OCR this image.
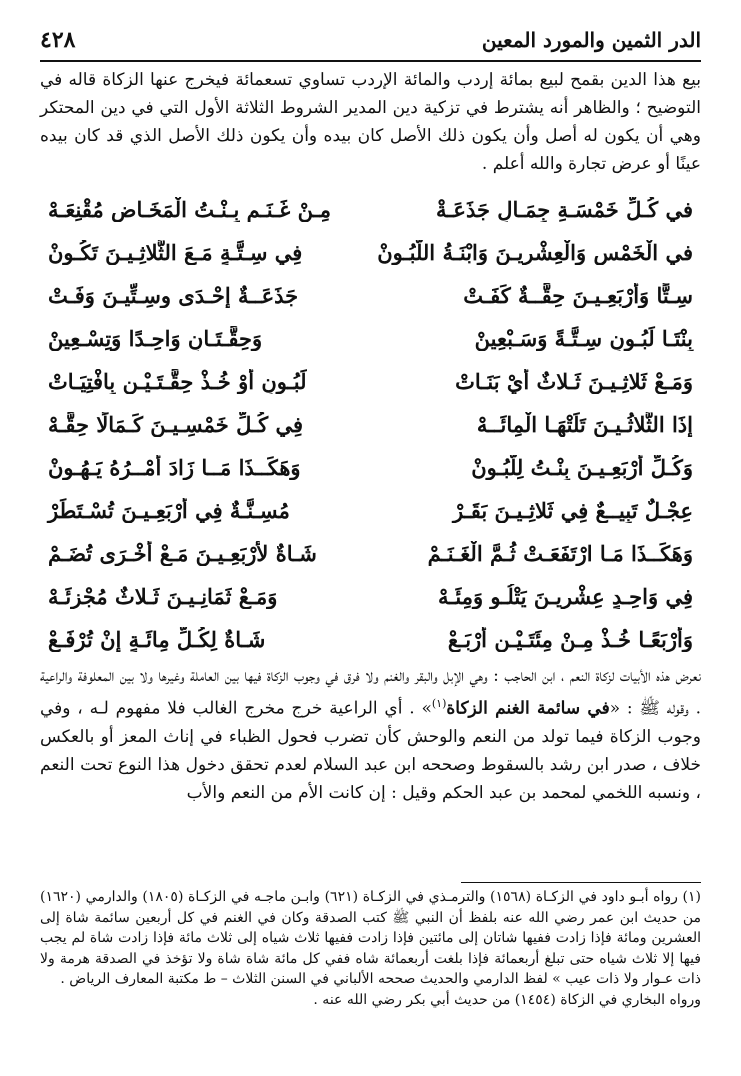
الدر الثمين والمورد المعين
٤٢٨

بيع هذا الدين بقمح لبيع بمائة إردب والمائة الإردب تساوي تسعمائة فيخرج عنها الزكاة قاله في التوضيح ؛ والظاهر أنه يشترط في تزكية دين المدير الشروط الثلاثة الأول التي في دين المحتكر وهي أن يكون له أصل وأن يكون ذلك الأصل كان بيده وأن يكون ذلك الأصل الذي قد كان بيده عينًا أو عرض تجارة والله أعلم .

في كُـلِّ خَمْسَـةِ جِمَـالٍ جَذَعَـةْ
مِـنْ غَـنَـمٍ بِـنْـتُ الْمَخَـاضِ مُقْنِعَـهْ
في الْخَمْسِ وَالْعِشْرِيـنَ وَابْنَـةُ اللَّبُـونْ
فِي سِـتَّـةٍ مَـعَ الثَّلاثِـيـنَ تَكُـونْ
سِـتًّا وَأَرْبَعِـيـنَ حِقَّــةٌ كَفَـتْ
جَذَعَــةٌ إِحْـدَى وسِـتِّيـنَ وَفَـتْ
بِنْتَـا لَبُـونٍ سِـتَّـةً وَسَـبْعِينْ
وَحِقَّـتَـانِ وَاحِـدًا وَتِسْـعِينْ
وَمَـعْ ثَلاثِـيـنَ ثَـلاثٌ أَيْ بَنَـاتْ
لَبُـونٍ أَوْ خُـذْ حِقَّـتَـيْـنِ بِافْتِيَـاتْ
إِذَا الثَّلاثُـيـنَ تَلَتْهَـا الْمِائَــهْ
فِي كُـلِّ خَمْسِـيـنَ كَـمَالًا حِقَّـهْ
وَكُـلِّ أَرْبَعِـيـنَ بِنْـتُ لِلَّبُـونْ
وَهَكَــذَا مَــا زَادَ أَمْــرُهُ يَـهُـونْ
عِجْـلٌ تَبِيــعٌ فِي ثَلاثِـيـنَ بَقَـرْ
مُسِـنَّـةٌ فِي أَرْبَعِـيـنَ تُسْـتَطَرْ
وَهَكَــذَا مَـا ارْتَفَعَـتْ ثُـمَّ الْغَـنَـمْ
شَـاةٌ لأَرْبَعِـيـنَ مَـعْ أُخْـرَى تُضَـمْ
فِي وَاحِـدٍ عِشْرِيـنَ يَتْلُـو وَمِئَـهْ
وَمَـعْ ثَمَانِـيـنَ ثَـلاثٌ مُجْزِئَـهْ
وَأَرْبَعًـا خُـذْ مِـنْ مِئَتَـيْـنِ أَرْبَـعْ
شَـاةٌ لِكُـلِّ مِائَـةٍ إِنْ تُرْفَـعْ

نعرض هذه الأبيات لزكاة النعم ، ابن الحاجب : وهي الإبل والبقر والغنم ولا فرق في وجوب الزكاة فيها بين العاملة وغيرها ولا بين المعلوفة والراعية . وقوله ﷺ : «في سائمة الغنم الزكاة$^{(١)}$» . أي الراعية خرج مخرج الغالب فلا مفهوم لـه ، وفي وجوب الزكاة فيما تولد من النعم والوحش كأن تضرب فحول الظباء في إناث المعز أو بالعكس خلاف ، صدر ابن رشد بالسقوط وصححه ابن عبد السلام لعدم تحقق دخول هذا النوع تحت النعم ، ونسبه اللخمي لمحمد بن عبد الحكم وقيل : إن كانت الأم من النعم والأب

(١) رواه أبـو داود في الزكـاة (١٥٦٨) والترمـذي في الزكـاة (٦٢١) وابـن ماجـه في الزكـاة (١٨٠٥) والدارمي (١٦٢٠) من حديث ابن عمر رضي الله عنه بلفظ أن النبي ﷺ كتب الصدقة وكان في الغنم في كل أربعين سائمة شاة إلى العشرين ومائة فإذا زادت ففيها شاتان إلى مائتين فإذا زادت ففيها ثلاث شياه إلى ثلاث مائة فإذا زادت شاة لم يجب فيها إلا ثلاث شياه حتى تبلغ أربعمائة فإذا بلغت أربعمائة شاه ففي كل مائة شاة شاة ولا تؤخذ في الصدقة هرمة ولا ذات عـوار ولا ذات عيب » لفظ الدارمي والحديث صححه الألباني في السنن الثلاث – ط مكتبة المعارف الرياض .

ورواه البخاري في الزكاة (١٤٥٤) من حديث أبي بكر رضي الله عنه .
